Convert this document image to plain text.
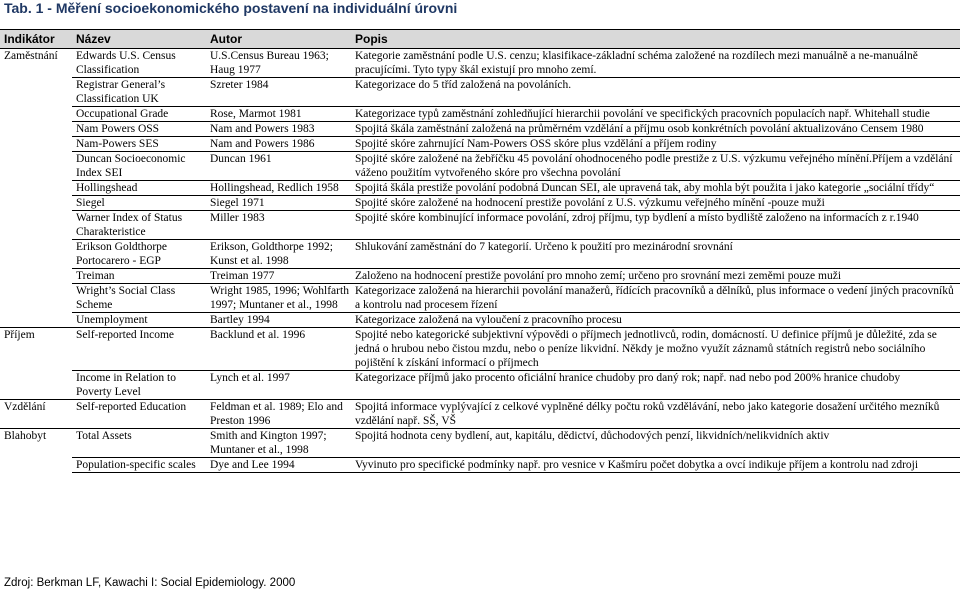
Tab. 1 - Měření socioekonomického postavení na individuální úrovni
Indikátor	Název	Autor	Popis
Zaměstnání	Edwards U.S. Census Classification	U.S.Census Bureau 1963; Haug 1977	Kategorie zaměstnání podle U.S. cenzu; klasifikace-základní schéma založené na rozdílech mezi manuálně a ne-manuálně pracujícími. Tyto typy škál existují pro mnoho zemí.
	Registrar General’s Classification UK	Szreter 1984	Kategorizace do 5 tříd založená na povoláních.
	Occupational Grade	Rose, Marmot 1981	Kategorizace typů zaměstnání zohledňující hierarchii povolání ve specifických pracovních populacích např. Whitehall studie
	Nam Powers OSS	Nam and Powers 1983	Spojitá škála zaměstnání založená na průměrném vzdělání a příjmu osob konkrétních povolání aktualizováno Censem 1980
	Nam-Powers SES	Nam and Powers 1986	Spojité skóre zahrnující Nam-Powers OSS skóre plus vzdělání a příjem rodiny
	Duncan Socioeconomic Index SEI	Duncan 1961	Spojité skóre založené na žebříčku 45 povolání ohodnoceného podle prestiže z U.S. výzkumu veřejného mínění.Příjem a vzdělání váženo použitím vytvořeného skóre pro všechna povolání
	Hollingshead	Hollingshead, Redlich 1958	Spojitá škála prestiže povolání podobná Duncan SEI, ale upravená tak, aby mohla být použita i jako kategorie „sociální třídy“
	Siegel	Siegel 1971	Spojité skóre založené na hodnocení prestiže povolání z U.S. výzkumu veřejného mínění -pouze muži
	Warner Index of Status Charakteristice	Miller 1983	Spojité skóre kombinující informace povolání, zdroj příjmu, typ bydlení a místo bydliště založeno na informacích z r.1940
	Erikson Goldthorpe Portocarero - EGP	Erikson, Goldthorpe 1992; Kunst et al. 1998	Shlukování zaměstnání do 7 kategorií. Určeno k použití pro mezinárodní srovnání
	Treiman	Treiman 1977	Založeno na hodnocení prestiže povolání pro mnoho zemí; určeno pro srovnání mezi zeměmi pouze muži
	Wright’s Social Class Scheme	Wright 1985, 1996; Wohlfarth 1997; Muntaner et al., 1998	Kategorizace založená na hierarchii povolání manažerů, řídících pracovníků a dělníků, plus informace o vedení jiných pracovníků a kontrolu nad procesem řízení
	Unemployment	Bartley 1994	Kategorizace založená na vyloučení z pracovního procesu
Příjem	Self-reported Income	Backlund et al. 1996	Spojité nebo kategorické subjektivní výpovědi o příjmech jednotlivců, rodin, domácností. U definice příjmů je důležité, zda se jedná o hrubou nebo čistou mzdu, nebo o peníze likvidní. Někdy je možno využít záznamů státních registrů nebo sociálního pojištění k získání informací o příjmech
	Income in Relation to Poverty Level	Lynch et al. 1997	Kategorizace příjmů jako procento oficiální hranice chudoby pro daný rok; např. nad nebo pod 200% hranice chudoby
Vzdělání	Self-reported Education	Feldman et al. 1989; Elo and Preston 1996	Spojitá informace vyplývající z celkové vyplněné délky počtu roků vzdělávání, nebo jako kategorie dosažení určitého mezníků vzdělání např. SŠ, VŠ
Blahobyt	Total Assets	Smith and Kington 1997; Muntaner et al., 1998	Spojitá hodnota ceny bydlení, aut, kapitálu, dědictví, důchodových penzí, likvidních/nelikvidních aktiv
	Population-specific scales	Dye and Lee 1994	Vyvinuto pro specifické podmínky např. pro vesnice v Kašmíru počet dobytka a ovcí indikuje příjem a kontrolu nad zdroji
Zdroj: Berkman LF, Kawachi I: Social Epidemiology. 2000
